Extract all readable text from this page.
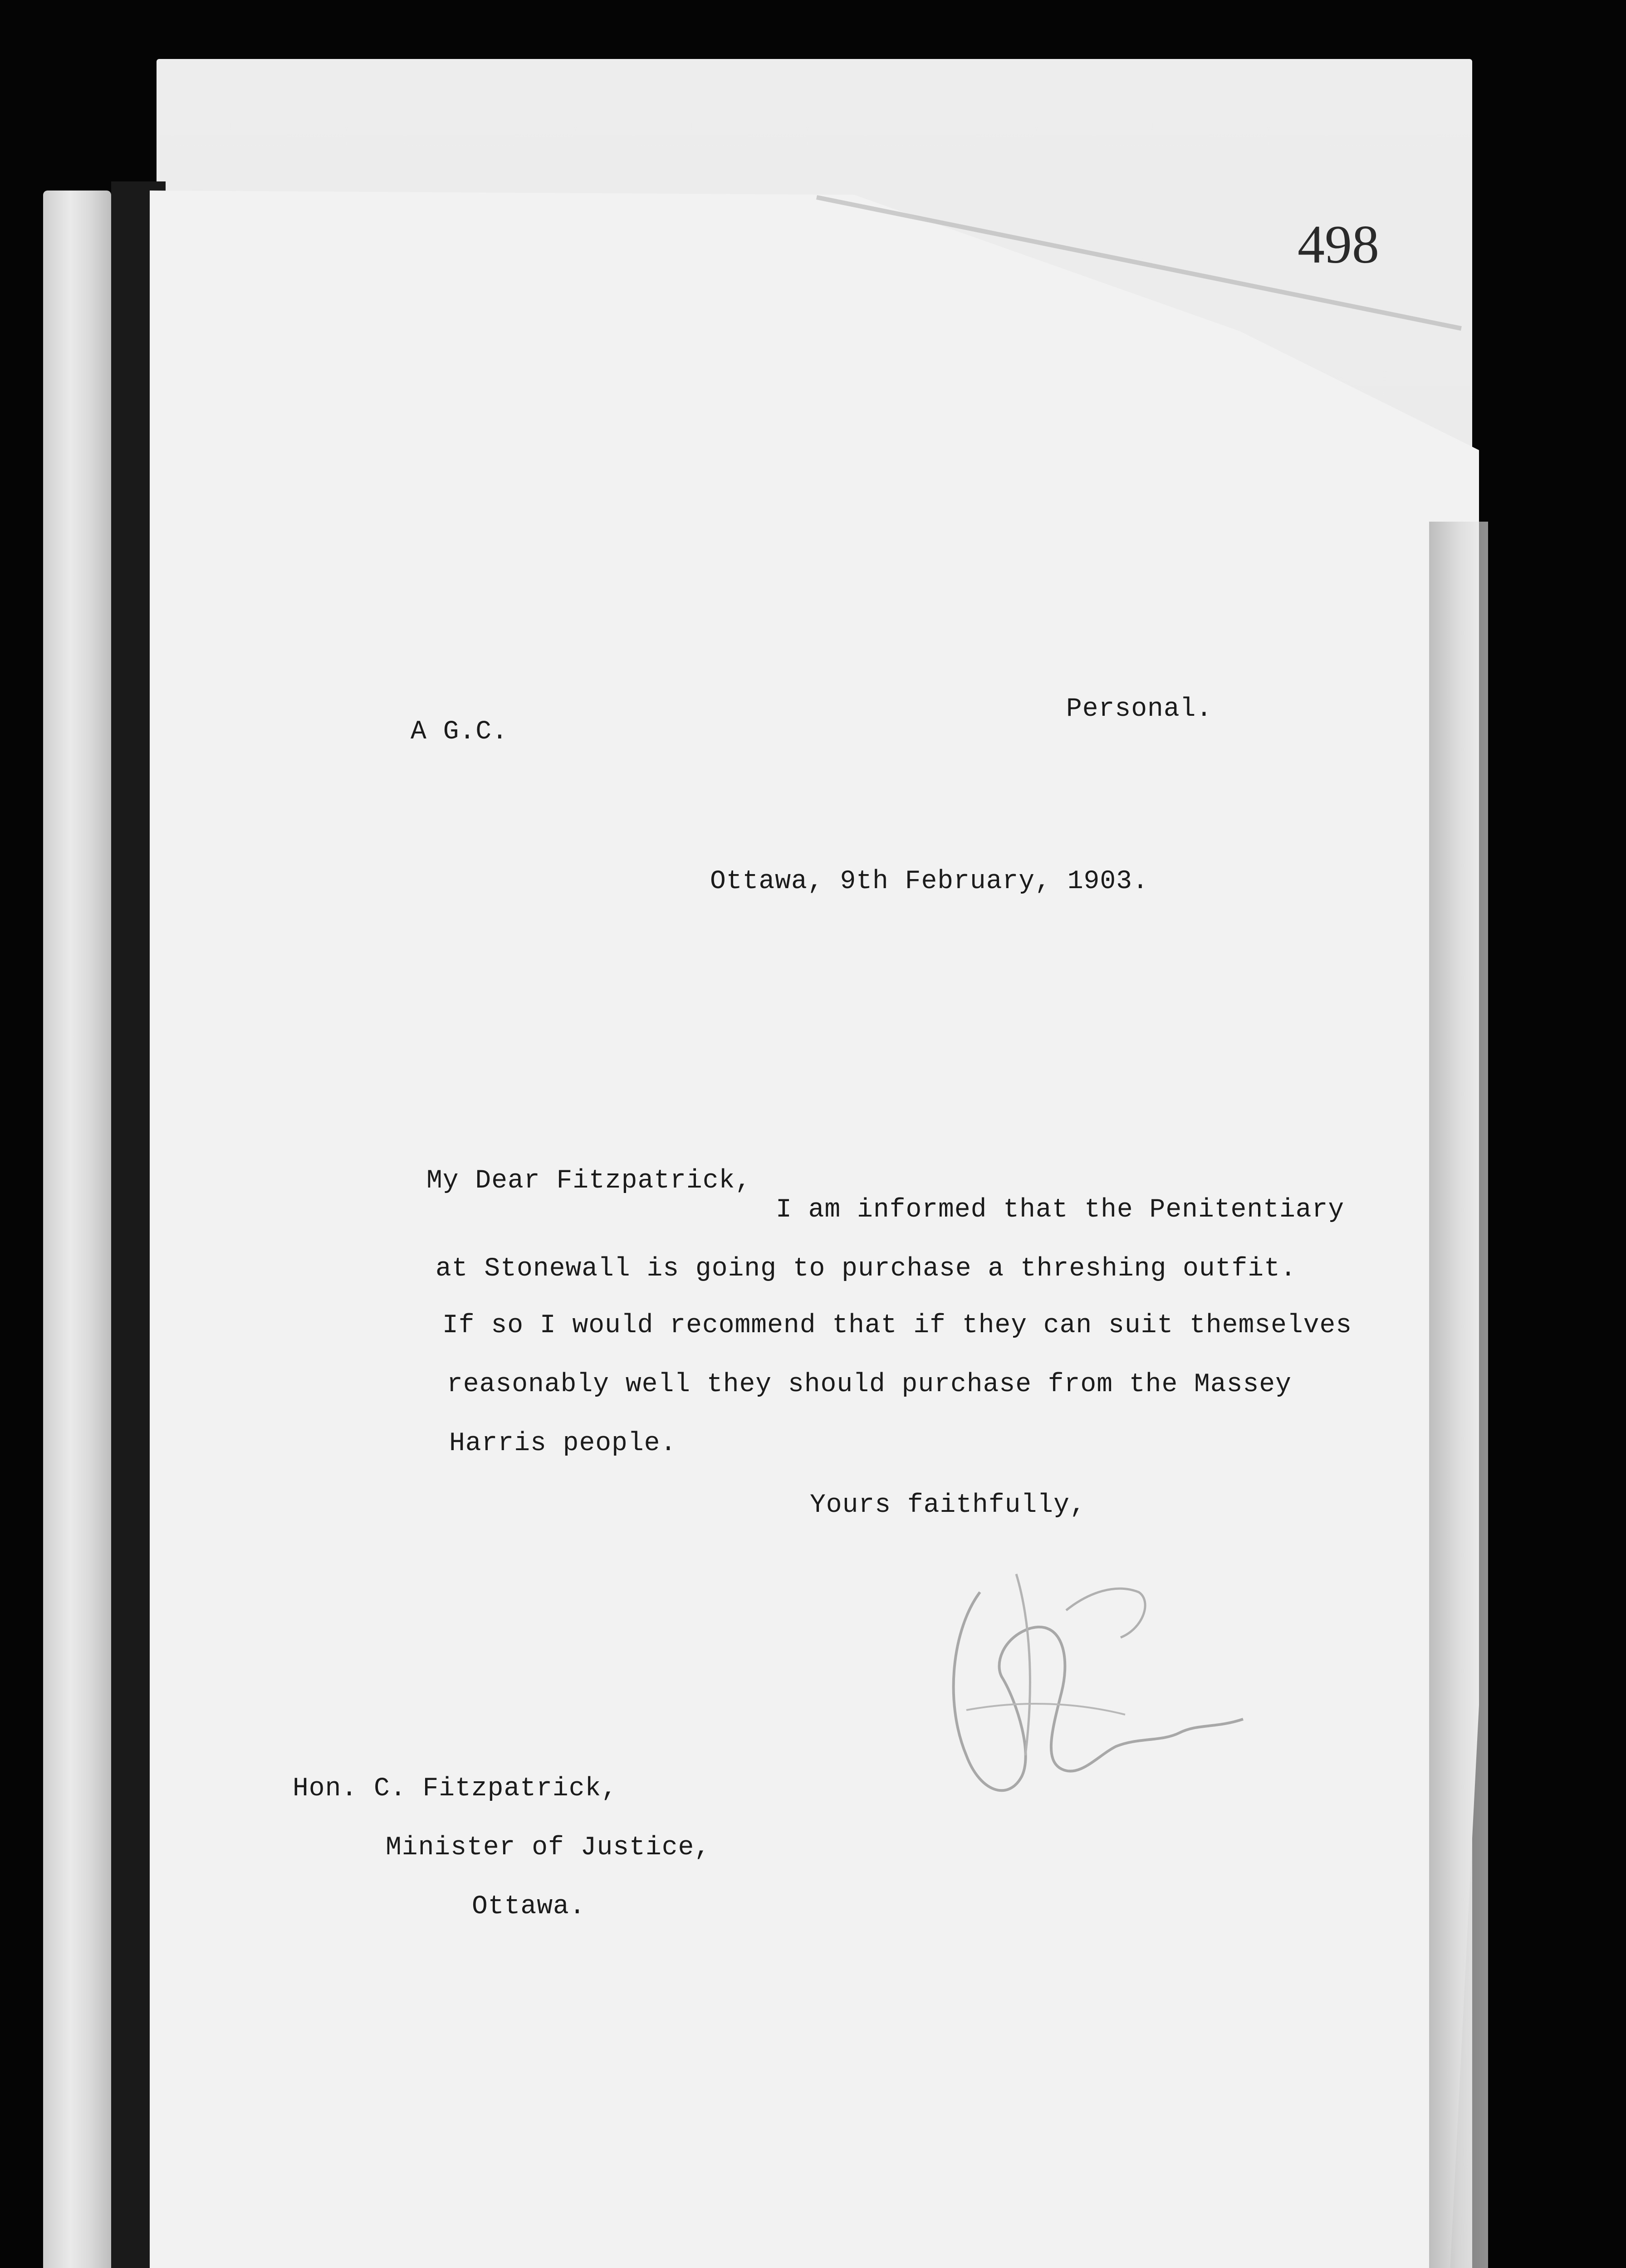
498
A G.C.
Personal.
Ottawa, 9th February, 1903.
My Dear Fitzpatrick,
I am informed that the Penitentiary
at Stonewall is going to purchase a threshing outfit.
If so I would recommend that if they can suit themselves
reasonably well they should purchase from the Massey
Harris people.
Yours faithfully,
Hon. C. Fitzpatrick,
Minister of Justice,
Ottawa.
